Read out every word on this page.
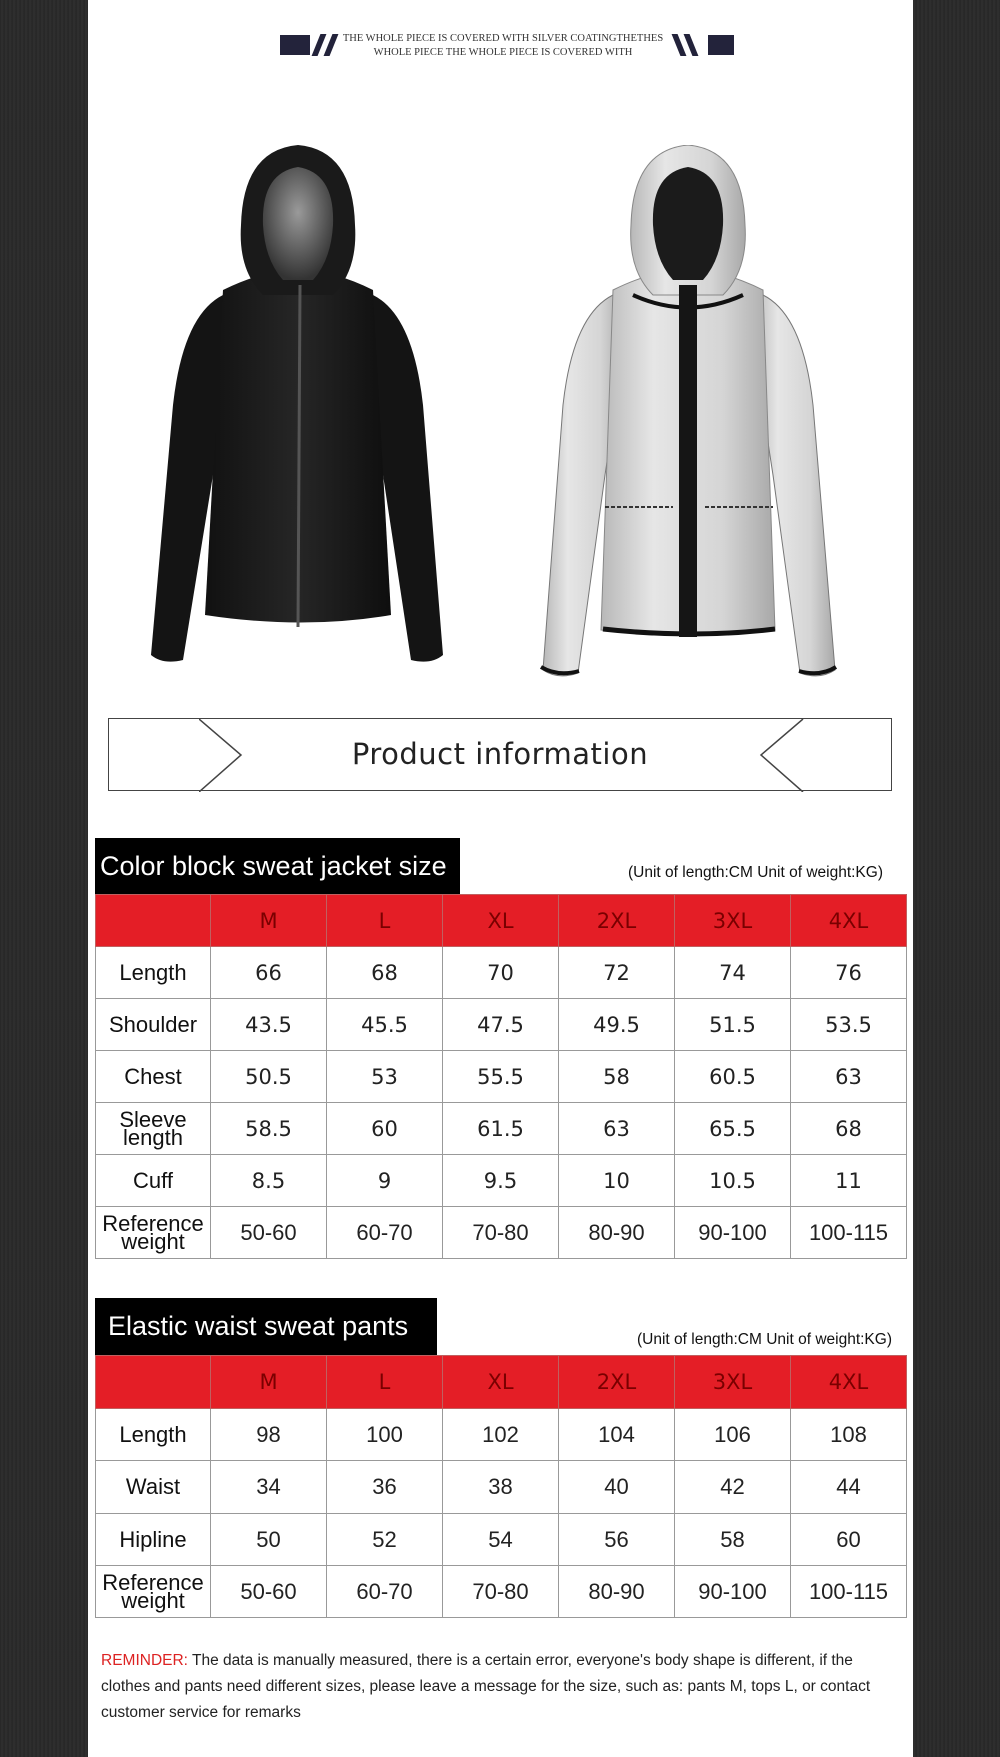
THE WHOLE PIECE IS COVERED WITH SILVER COATINGTHETHES
WHOLE PIECE THE WHOLE PIECE IS COVERED WITH
Product information
Color block sweat jacket size	(Unit of length:CM Unit of weight:KG)
	M	L	XL	2XL	3XL	4XL
Length	66	68	70	72	74	76
Shoulder	43.5	45.5	47.5	49.5	51.5	53.5
Chest	50.5	53	55.5	58	60.5	63
Sleeve length	58.5	60	61.5	63	65.5	68
Cuff	8.5	9	9.5	10	10.5	11
Reference weight	50-60	60-70	70-80	80-90	90-100	100-115
Elastic waist sweat pants	(Unit of length:CM Unit of weight:KG)
	M	L	XL	2XL	3XL	4XL
Length	98	100	102	104	106	108
Waist	34	36	38	40	42	44
Hipline	50	52	54	56	58	60
Reference weight	50-60	60-70	70-80	80-90	90-100	100-115
REMINDER: The data is manually measured, there is a certain error, everyone's body shape is different, if the clothes and pants need different sizes, please leave a message for the size, such as: pants M, tops L, or contact customer service for remarks
